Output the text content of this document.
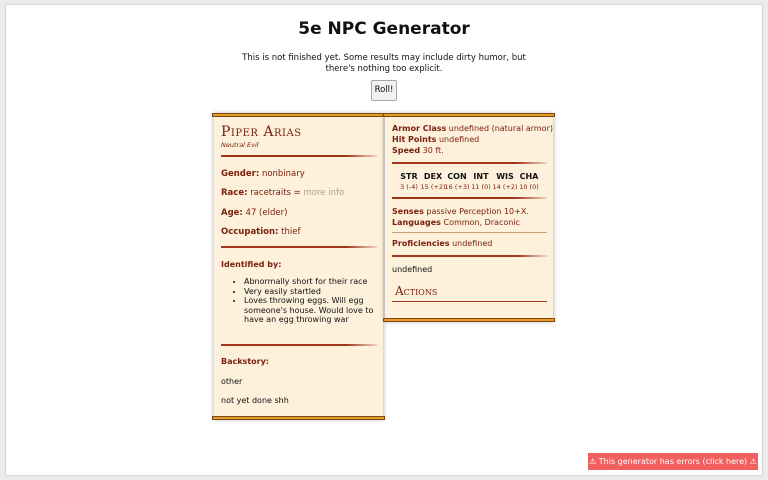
5e NPC Generator
This is not finished yet. Some results may include dirty humor, but there's nothing too explicit.
Roll!
Piper Arias
Neutral Evil
Gender: nonbinary
Race: racetraits = more info
Age: 47 (elder)
Occupation: thief
Identified by:
• Abnormally short for their race
• Very easily startled
• Loves throwing eggs. Will egg someone's house. Would love to have an egg throwing war
Backstory:
other
not yet done shh
Armor Class undefined (natural armor)
Hit Points undefined
Speed 30 ft.
STR
3 (-4)
DEX
15 (+2)
CON
16 (+3)
INT
11 (0)
WIS
14 (+2)
CHA
10 (0)
Senses passive Perception 10+X.
Languages Common, Draconic
Proficiencies undefined
undefined
Actions
⚠ This generator has errors (click here) ⚠
